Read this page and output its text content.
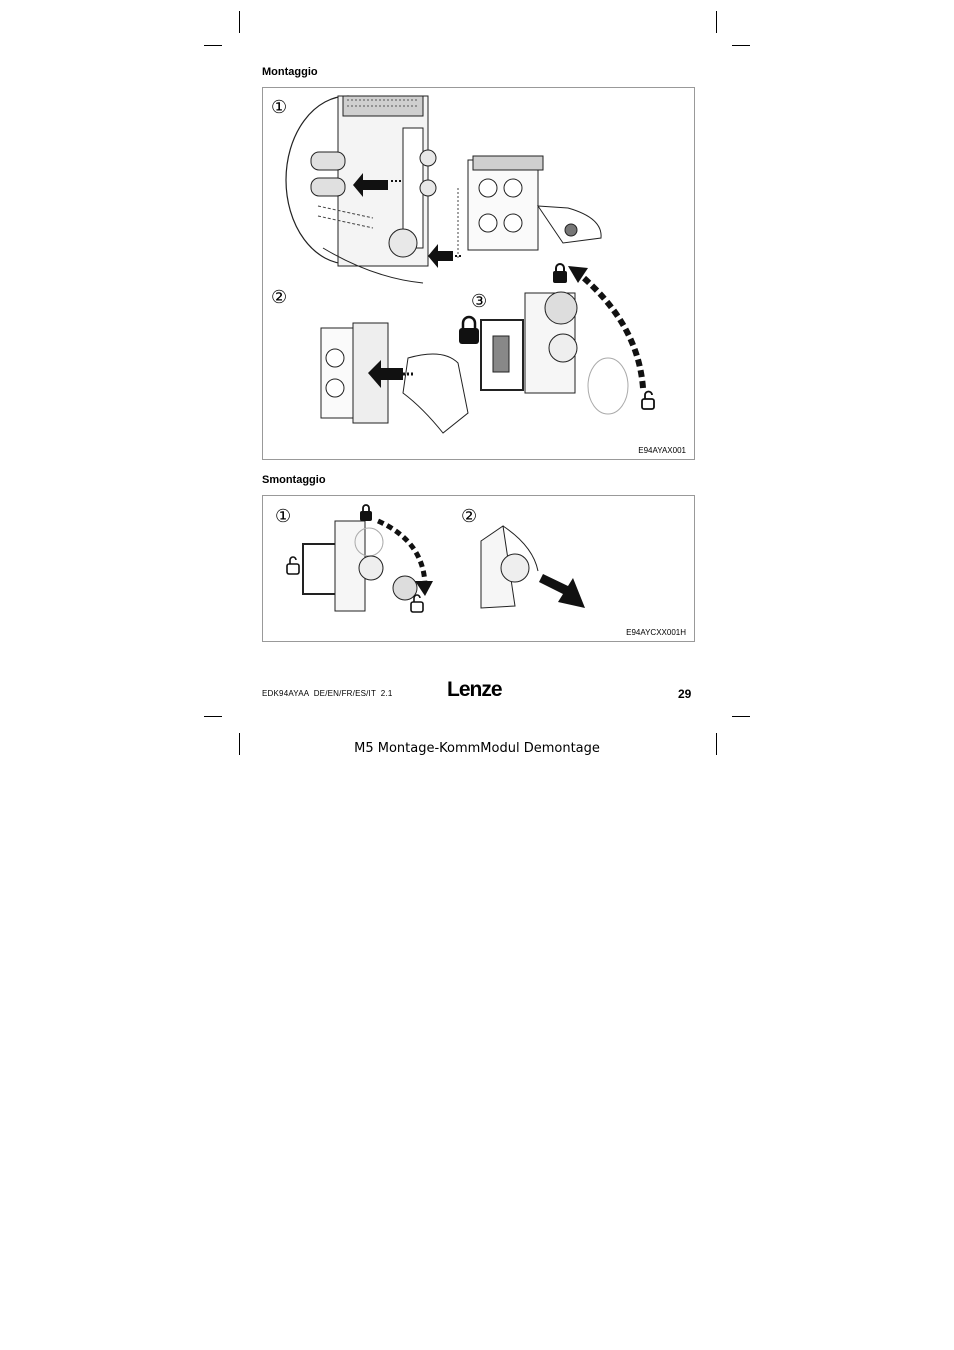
Montaggio
①
②	③
E94AYAX001
Smontaggio
①	②
E94AYCXX001H
EDK94AYAA  DE/EN/FR/ES/IT  2.1	Lenze	29
M5 Montage-KommModul Demontage
